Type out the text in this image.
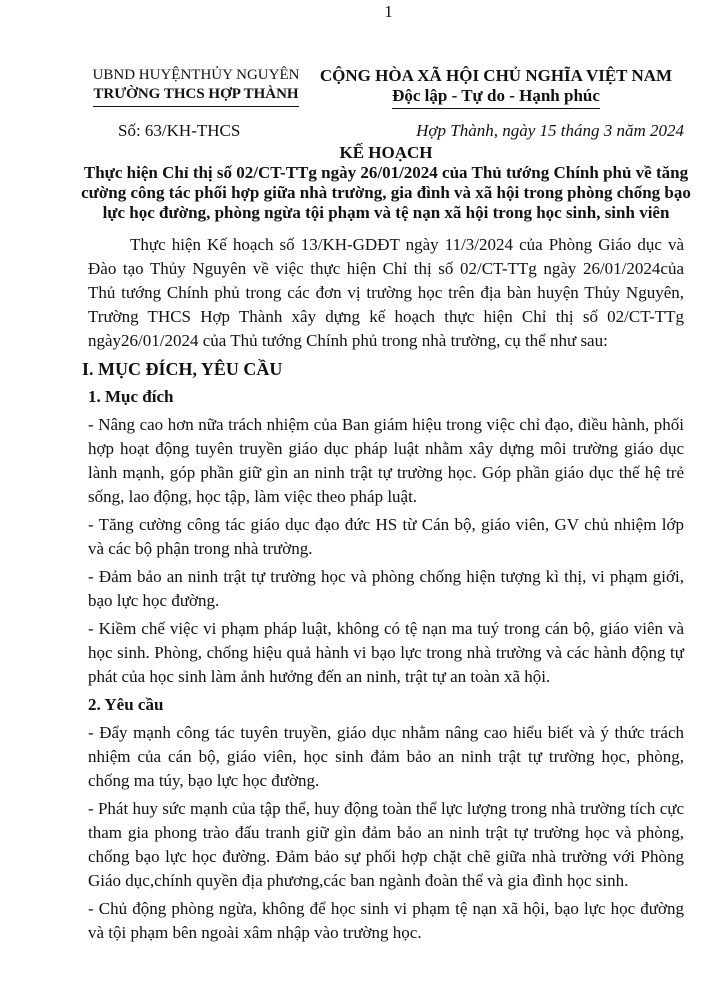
1
UBND HUYỆNTHỦY NGUYÊN
TRƯỜNG THCS HỢP THÀNH
CỘNG HÒA XÃ HỘI CHỦ NGHĨA VIỆT NAM
Độc lập - Tự do - Hạnh phúc
Số: 63/KH-THCS	Hợp Thành, ngày 15 tháng 3 năm 2024
KẾ HOẠCH
Thực hiện Chỉ thị số 02/CT-TTg ngày 26/01/2024 của Thủ tướng Chính phủ về tăng cường công tác phối hợp giữa nhà trường, gia đình và xã hội trong phòng chống bạo lực học đường, phòng ngừa tội phạm và tệ nạn xã hội trong học sinh, sinh viên

Thực hiện Kế hoạch số 13/KH-GDĐT ngày 11/3/2024 của Phòng Giáo dục và Đào tạo Thủy Nguyên về việc thực hiện Chỉ thị số 02/CT-TTg ngày 26/01/2024của Thủ tướng Chính phủ trong các đơn vị trường học trên địa bàn huyện Thủy Nguyên, Trường THCS Hợp Thành xây dựng kế hoạch thực hiện Chỉ thị số 02/CT-TTg ngày26/01/2024 của Thủ tướng Chính phủ trong nhà trường, cụ thể như sau:

I. MỤC ĐÍCH, YÊU CẦU
1. Mục đích

- Nâng cao hơn nữa trách nhiệm của Ban giám hiệu trong việc chỉ đạo, điều hành, phối hợp hoạt động tuyên truyền giáo dục pháp luật nhằm xây dựng môi trường giáo dục lành mạnh, góp phần giữ gìn an ninh trật tự trường học. Góp phần giáo dục thế hệ trẻ sống, lao động, học tập, làm việc theo pháp luật.

- Tăng cường công tác giáo dục đạo đức HS từ Cán bộ, giáo viên, GV chủ nhiệm lớp và các bộ phận trong nhà trường.

- Đảm bảo an ninh trật tự trường học và phòng chống hiện tượng kì thị, vi phạm giới, bạo lực học đường.

- Kiềm chế việc vi phạm pháp luật, không có tệ nạn ma tuý trong cán bộ, giáo viên và học sinh. Phòng, chống hiệu quả hành vi bạo lực trong nhà trường và các hành động tự phát của học sinh làm ảnh hưởng đến an ninh, trật tự an toàn xã hội.

2. Yêu cầu

- Đẩy mạnh công tác tuyên truyền, giáo dục nhằm nâng cao hiểu biết và ý thức trách nhiệm của cán bộ, giáo viên, học sinh đảm bảo an ninh trật tự trường học, phòng, chống ma túy, bạo lực học đường.

- Phát huy sức mạnh của tập thể, huy động toàn thể lực lượng trong nhà trường tích cực tham gia phong trào đấu tranh giữ gìn đảm bảo an ninh trật tự trường học và phòng, chống bạo lực học đường. Đảm bảo sự phối hợp chặt chẽ giữa nhà trường với Phòng Giáo dục,chính quyền địa phương,các ban ngành đoàn thể và gia đình học sinh.

- Chủ động phòng ngừa, không để học sinh vi phạm tệ nạn xã hội, bạo lực học đường và tội phạm bên ngoài xâm nhập vào trường học.
